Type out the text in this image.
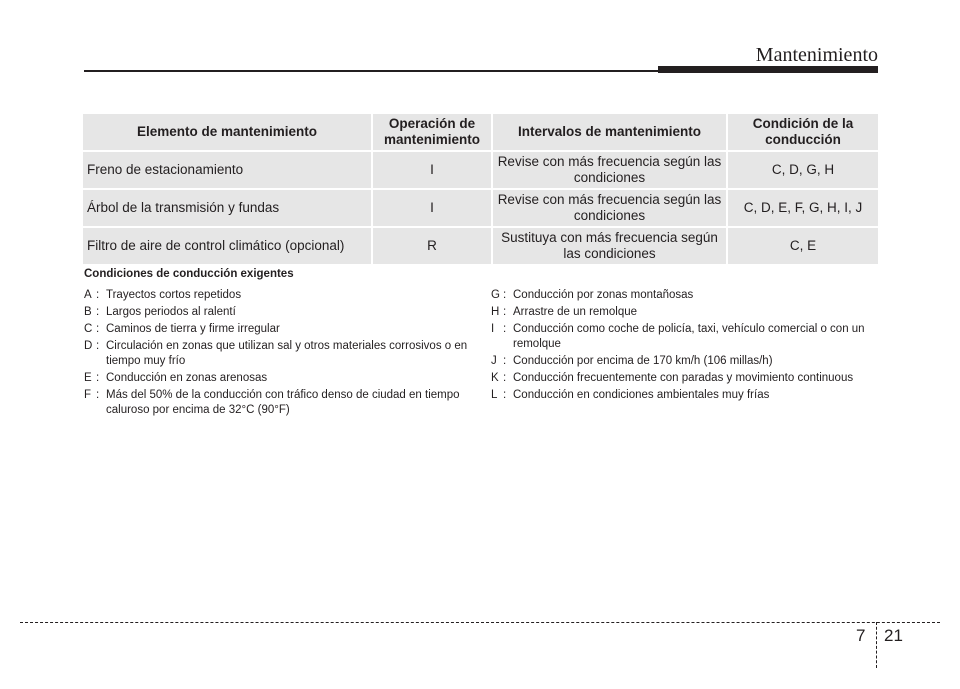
Mantenimiento
Elemento de mantenimiento	Operación de mantenimiento	Intervalos de mantenimiento	Condición de la conducción
Freno de estacionamiento	I	Revise con más frecuencia según las condiciones	C, D, G, H
Árbol de la transmisión y fundas	I	Revise con más frecuencia según las condiciones	C, D, E, F, G, H, I, J
Filtro de aire de control climático (opcional)	R	Sustituya con más frecuencia según las condiciones	C, E
Condiciones de conducción exigentes
A : Trayectos cortos repetidos
B : Largos periodos al ralentí
C : Caminos de tierra y firme irregular
D : Circulación en zonas que utilizan sal y otros materiales corrosivos o en tiempo muy frío
E : Conducción en zonas arenosas
F : Más del 50% de la conducción con tráfico denso de ciudad en tiempo caluroso por encima de 32°C (90°F)
G : Conducción por zonas montañosas
H : Arrastre de un remolque
I : Conducción como coche de policía, taxi, vehículo comercial o con un remolque
J : Conducción por encima de 170 km/h (106 millas/h)
K : Conducción frecuentemente con paradas y movimiento continuous
L : Conducción en condiciones ambientales muy frías
7 21
